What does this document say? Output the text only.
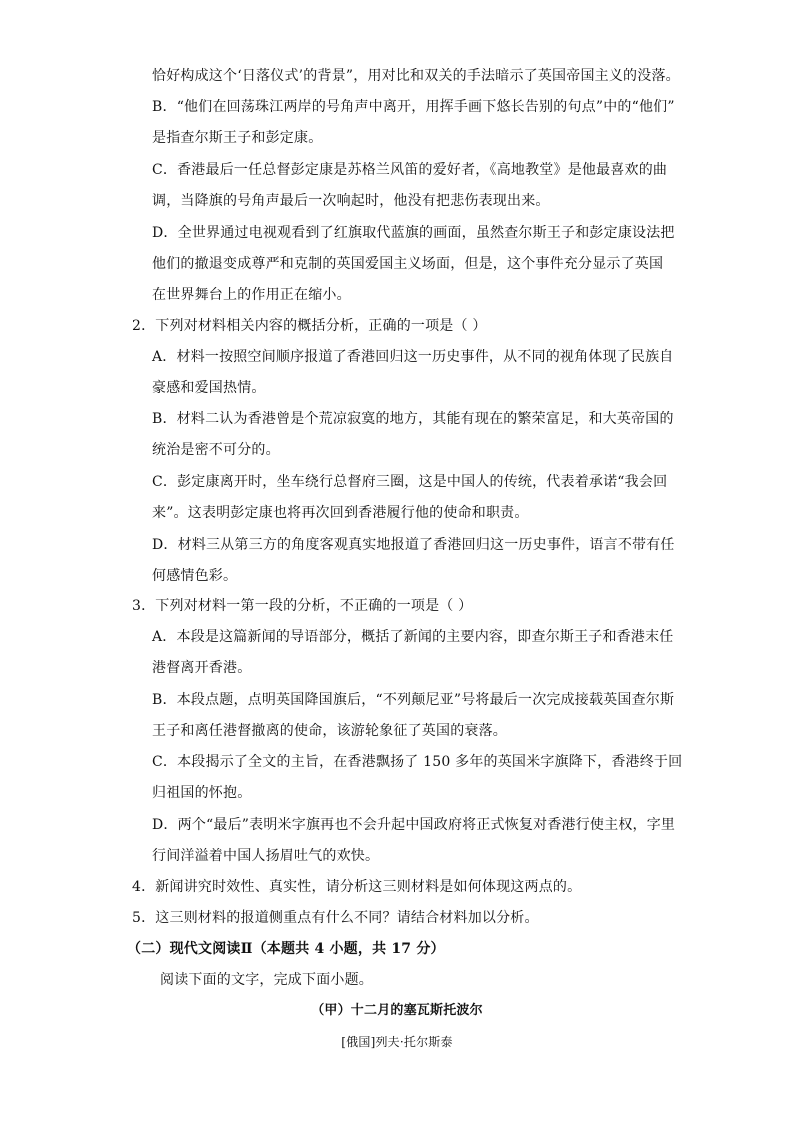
恰好构成这个‘日落仪式’的背景”，用对比和双关的手法暗示了英国帝国主义的没落。
B．“他们在回荡珠江两岸的号角声中离开，用挥手画下悠长告别的句点”中的“他们”
是指查尔斯王子和彭定康。
C．香港最后一任总督彭定康是苏格兰风笛的爱好者，《高地教堂》是他最喜欢的曲
调，当降旗的号角声最后一次响起时，他没有把悲伤表现出来。
D．全世界通过电视观看到了红旗取代蓝旗的画面，虽然查尔斯王子和彭定康设法把
他们的撤退变成尊严和克制的英国爱国主义场面，但是，这个事件充分显示了英国
在世界舞台上的作用正在缩小。
2．下列对材料相关内容的概括分析，正确的一项是（ ）
A．材料一按照空间顺序报道了香港回归这一历史事件，从不同的视角体现了民族自
豪感和爱国热情。
B．材料二认为香港曾是个荒凉寂寞的地方，其能有现在的繁荣富足，和大英帝国的
统治是密不可分的。
C．彭定康离开时，坐车绕行总督府三圈，这是中国人的传统，代表着承诺“我会回
来”。这表明彭定康也将再次回到香港履行他的使命和职责。
D．材料三从第三方的角度客观真实地报道了香港回归这一历史事件，语言不带有任
何感情色彩。
3．下列对材料一第一段的分析，不正确的一项是（ ）
A．本段是这篇新闻的导语部分，概括了新闻的主要内容，即查尔斯王子和香港末任
港督离开香港。
B．本段点题，点明英国降国旗后，“不列颠尼亚”号将最后一次完成接载英国查尔斯
王子和离任港督撤离的使命，该游轮象征了英国的衰落。
C．本段揭示了全文的主旨，在香港飘扬了 150 多年的英国米字旗降下，香港终于回
归祖国的怀抱。
D．两个“最后”表明米字旗再也不会升起中国政府将正式恢复对香港行使主权，字里
行间洋溢着中国人扬眉吐气的欢快。
4．新闻讲究时效性、真实性，请分析这三则材料是如何体现这两点的。
5．这三则材料的报道侧重点有什么不同？请结合材料加以分析。
（二）现代文阅读Ⅱ（本题共 4 小题，共 17 分）
阅读下面的文字，完成下面小题。
（甲）十二月的塞瓦斯托波尔
[俄国]列夫·托尔斯泰
